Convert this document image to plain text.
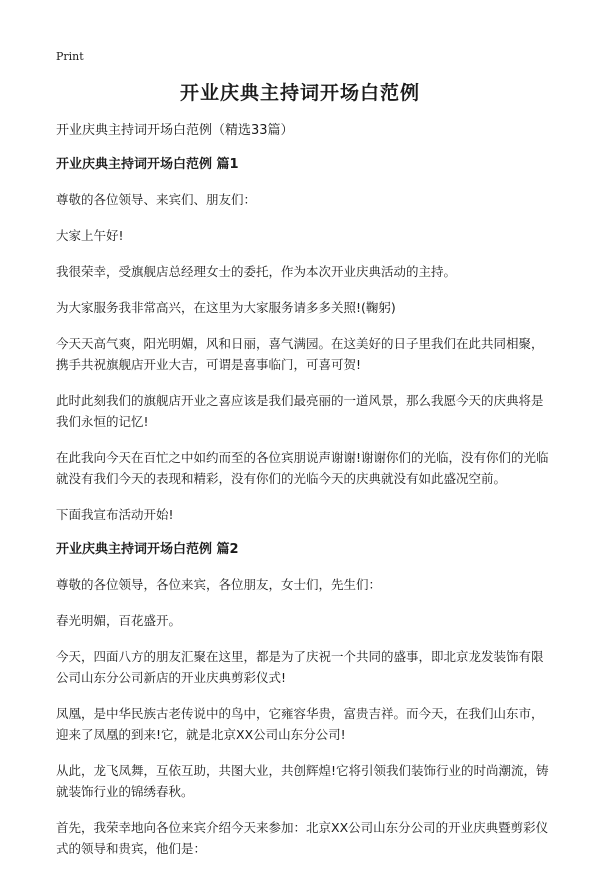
Print
开业庆典主持词开场白范例

开业庆典主持词开场白范例（精选33篇）

开业庆典主持词开场白范例 篇1

尊敬的各位领导、来宾们、朋友们：

大家上午好!

我很荣幸，受旗舰店总经理女士的委托，作为本次开业庆典活动的主持。

为大家服务我非常高兴，在这里为大家服务请多多关照!(鞠躬)

今天天高气爽，阳光明媚，风和日丽，喜气满园。在这美好的日子里我们在此共同相聚，携手共祝旗舰店开业大吉，可谓是喜事临门，可喜可贺!

此时此刻我们的旗舰店开业之喜应该是我们最亮丽的一道风景，那么我愿今天的庆典将是我们永恒的记忆!

在此我向今天在百忙之中如约而至的各位宾朋说声谢谢!谢谢你们的光临，没有你们的光临就没有我们今天的表现和精彩，没有你们的光临今天的庆典就没有如此盛况空前。

下面我宣布活动开始!

开业庆典主持词开场白范例 篇2

尊敬的各位领导，各位来宾，各位朋友，女士们，先生们：

春光明媚，百花盛开。

今天，四面八方的朋友汇聚在这里，都是为了庆祝一个共同的盛事，即北京龙发装饰有限公司山东分公司新店的开业庆典剪彩仪式!

凤凰，是中华民族古老传说中的鸟中，它雍容华贵，富贵吉祥。而今天，在我们山东市，迎来了凤凰的到来!它，就是北京XX公司山东分公司!

从此，龙飞凤舞，互依互助，共图大业，共创辉煌!它将引领我们装饰行业的时尚潮流，铸就装饰行业的锦绣春秋。

首先，我荣幸地向各位来宾介绍今天来参加：北京XX公司山东分公司的开业庆典暨剪彩仪式的领导和贵宾，他们是：
